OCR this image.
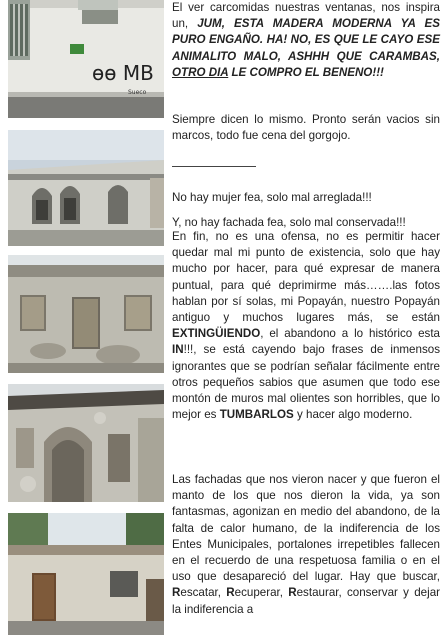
ɵɵ MB
Sueco

El ver carcomidas nuestras ventanas, nos inspira un, JUM, ESTA MADERA MODERNA YA ES PURO ENGAÑO. HA! NO, ES QUE LE CAYO ESE ANIMALITO MALO, ASHHH QUE CARAMBAS, OTRO DIA LE COMPRO EL BENENO!!!

Siempre dicen lo mismo. Pronto serán vacios sin marcos, todo fue cena del gorgojo.

No hay mujer fea, solo mal arreglada!!!

Y, no hay fachada fea, solo mal conservada!!!

En fin, no es una ofensa, no es permitir hacer quedar mal mi punto de existencia, solo que hay mucho por hacer, para qué expresar de manera puntual, para qué deprimirme más…….las fotos hablan por sí solas, mi Popayán, nuestro Popayán antiguo y muchos lugares más, se están EXTINGÜIENDO, el abandono a lo histórico esta IN!!!, se está cayendo bajo frases de inmensos ignorantes que se podrían señalar fácilmente entre otros pequeños sabios que asumen que todo ese montón de muros mal olientes son horribles, que lo mejor es TUMBARLOS y hacer algo moderno.

Las fachadas que nos vieron nacer y que fueron el manto de los que nos dieron la vida, ya son fantasmas, agonizan en medio del abandono, de la falta de calor humano, de la indiferencia de los Entes Municipales, portalones irrepetibles fallecen en el recuerdo de una respetuosa familia o en el uso que desapareció del lugar. Hay que buscar, Rescatar, Recuperar, Restaurar, conservar y dejar la indiferencia a
